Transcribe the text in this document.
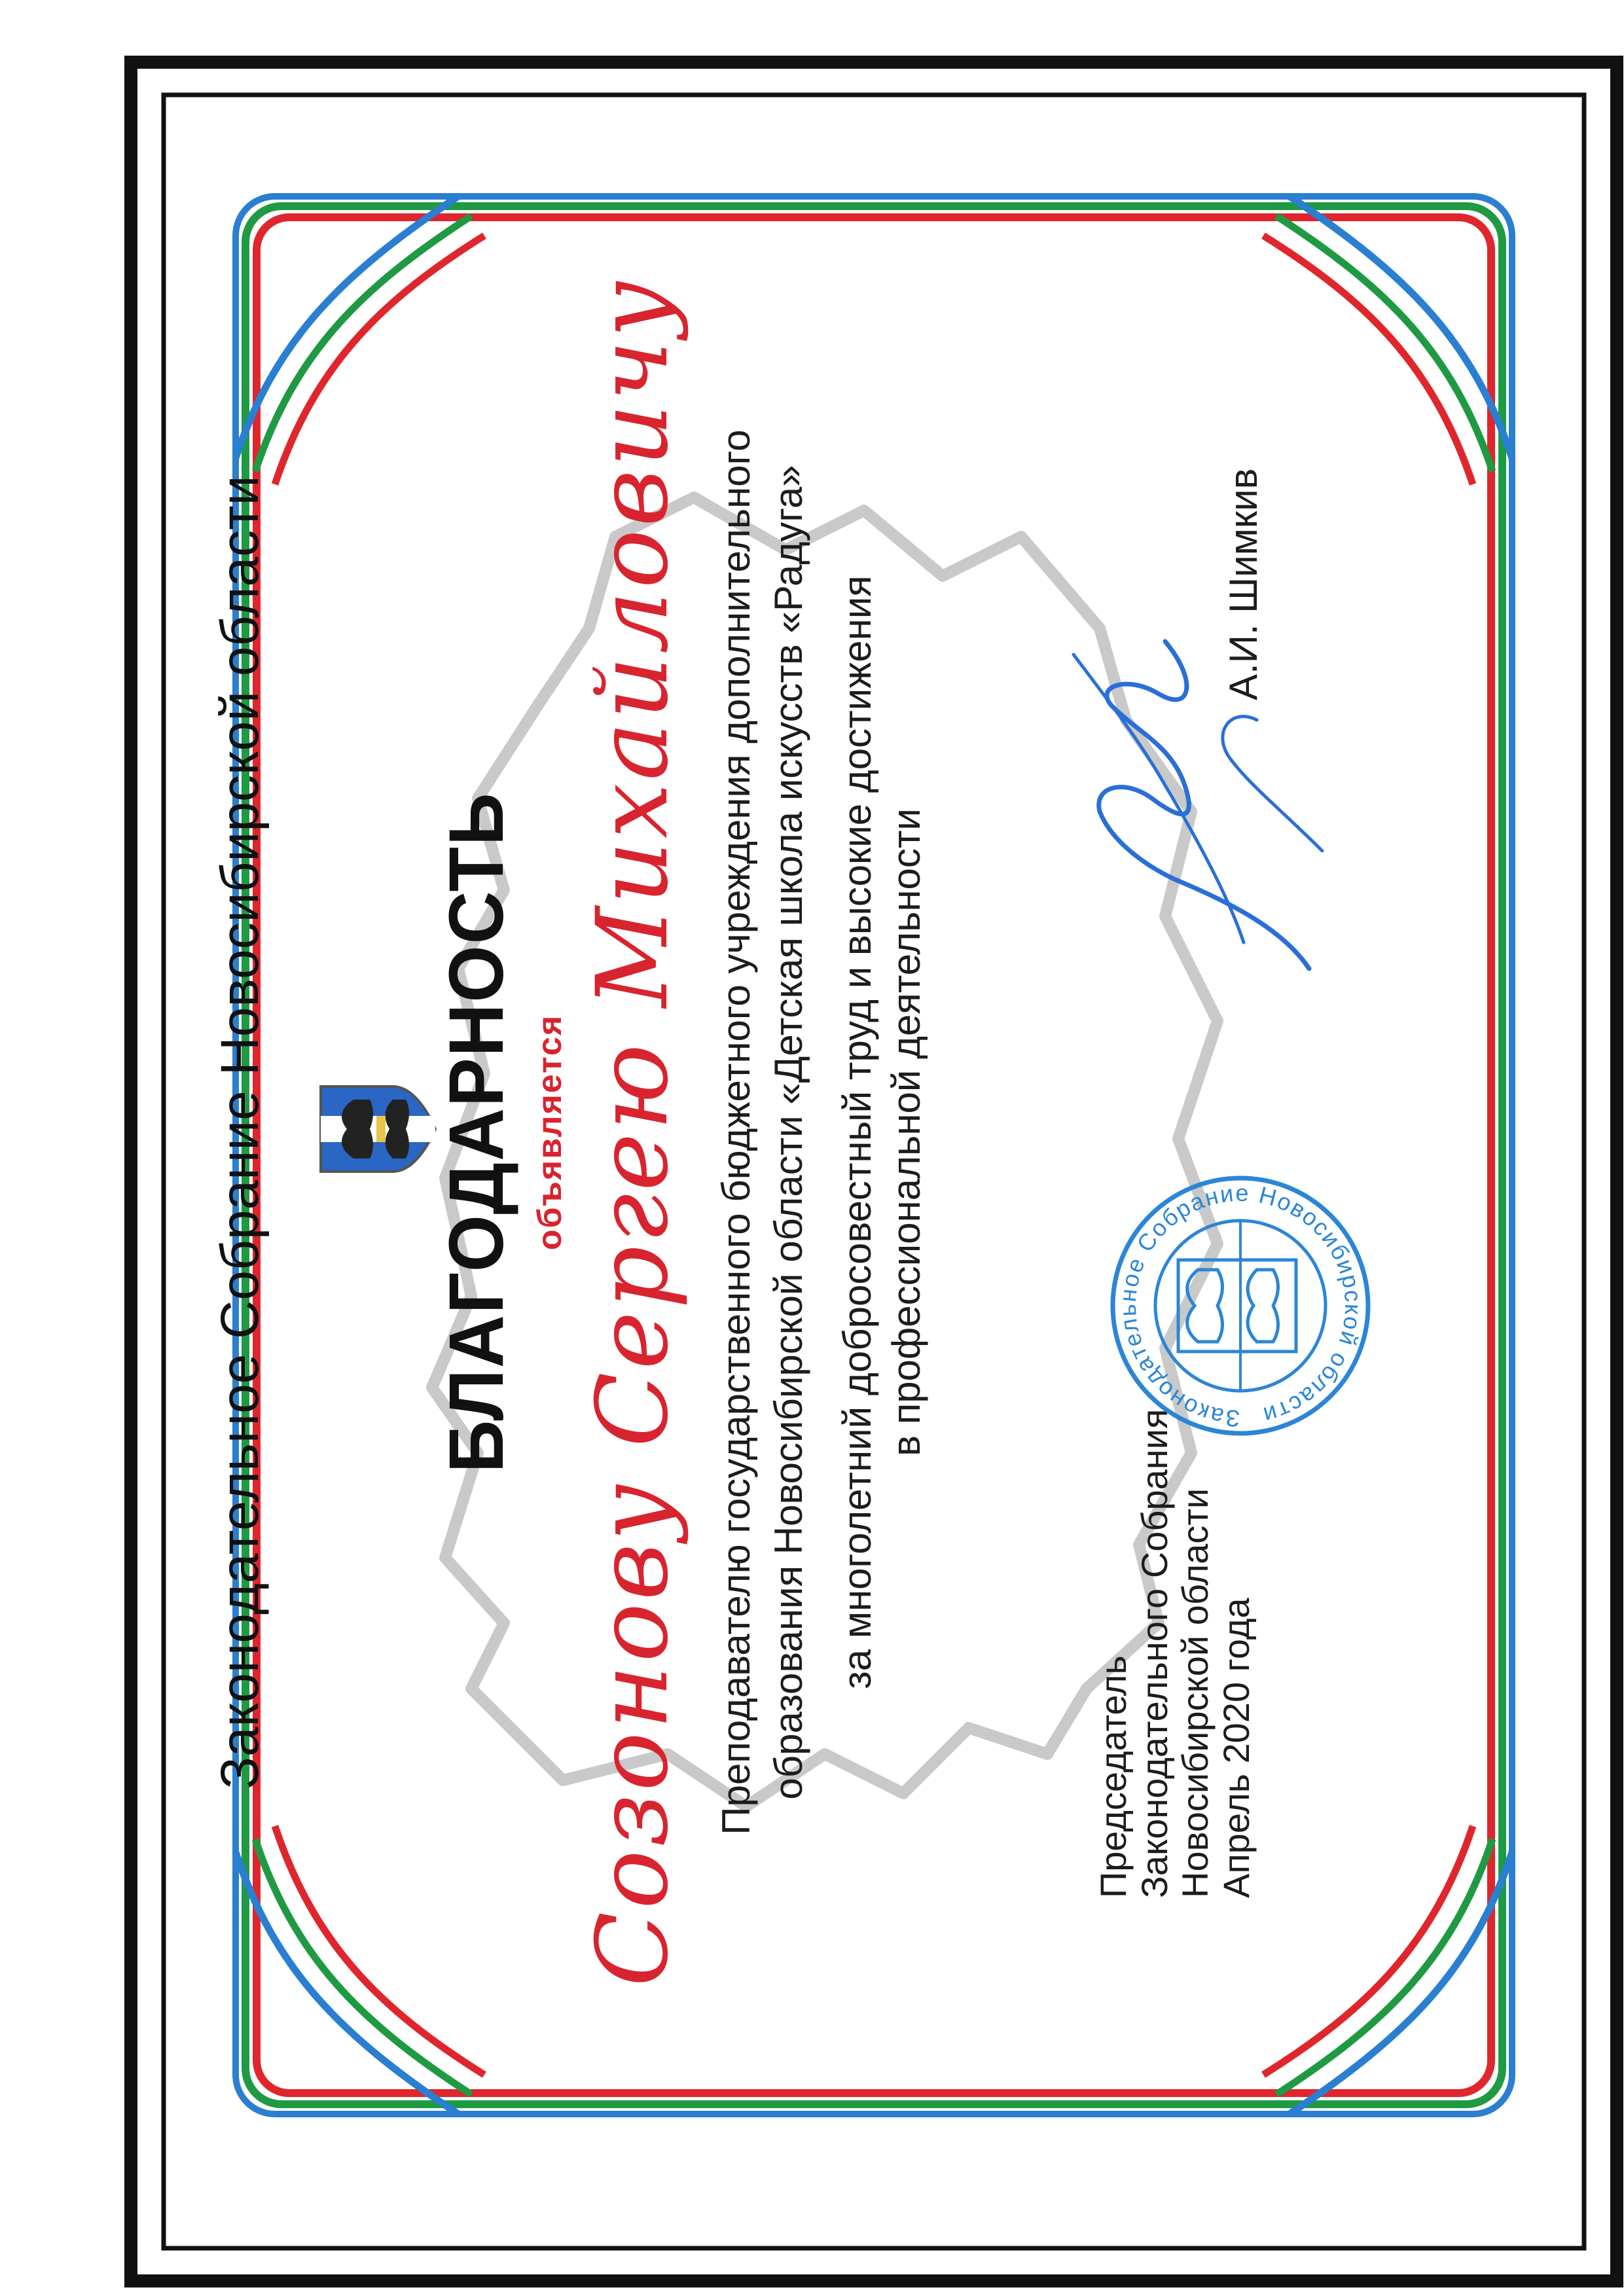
Законодательное Собрание Новосибирской области БЛАГОДАРНОСТЬ объявляется Созонову Сергею Михайловичу Преподавателю государственного бюджетного учреждения дополнительного образования Новосибирской области «Детская школа искусств «Радуга» за многолетний добросовестный труд и высокие достижения в профессиональной деятельности
Председатель Законодательного Собрания Новосибирской области Апрель 2020 года
Законодательное Собрание Новосибирской области
А.И. Шимкив
